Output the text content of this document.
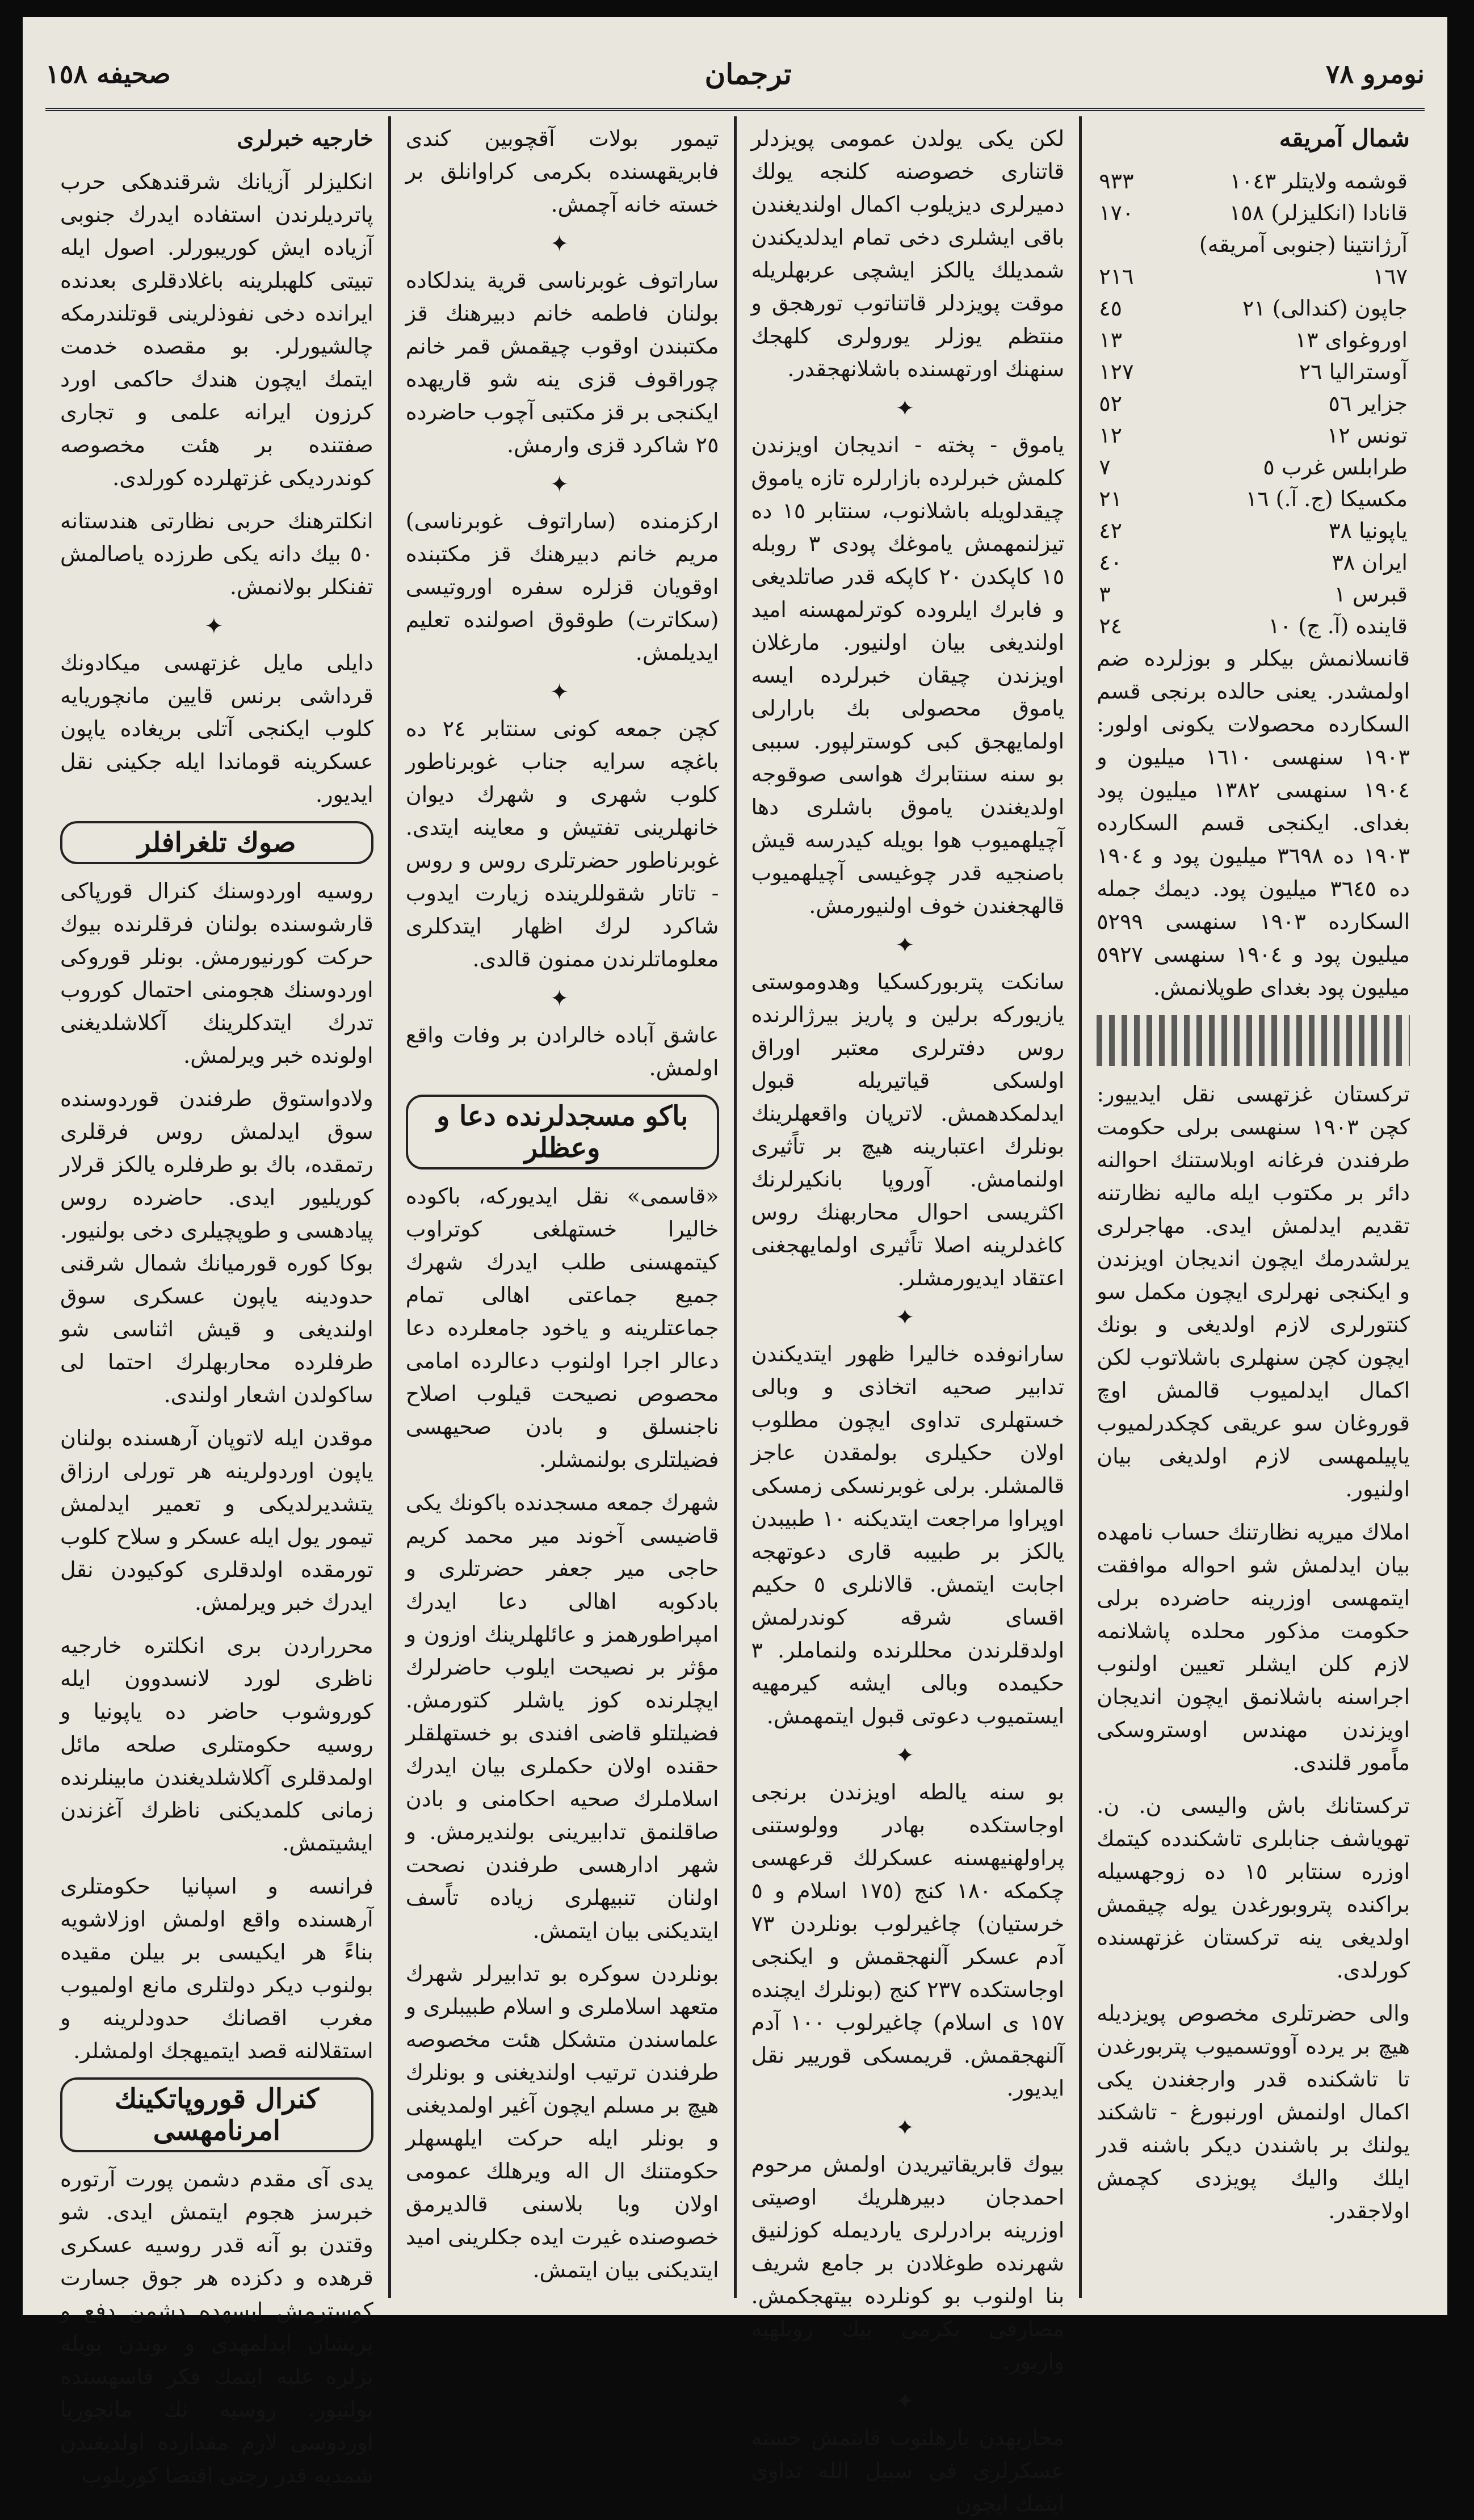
نومرو ٧٨
ترجمان
صحيفه ١٥٨

شمال آمريقه

قوشمه ولايتلر ١٠٤٣	٩٣٣
قانادا (انكليزلر) ١٥٨	١٧٠
آرژانتينا (جنوبى آمريقه)	
١٦٧	٢١٦
جاپون (كندالى) ٢١	٤٥
اوروغواى ١٣	١٣
آوستراليا ٢٦	١٢٧
جزاير ٥٦	٥٢
تونس ١٢	١٢
طرابلس غرب ٥	٧
مكسيكا (ج. آ.) ١٦	٢١
ياپونيا ٣٨	٤٢
ايران ٣٨	٤٠
قبرس ١	٣
قاينده (آ. ج) ١٠	٢٤

قانسلانمش بيكلر و بوزلرده ضم اولمشدر. يعنى حالده برنجى قسم السكارده محصولات يكونى اولور: ١٩٠٣ سنهسى ١٦١٠ ميليون و ١٩٠٤ سنهسى ١٣٨٢ ميليون پود بغداى. ايكنجى قسم السكارده ١٩٠٣ ده ٣٦٩٨ ميليون پود و ١٩٠٤ ده ٣٦٤٥ ميليون پود. ديمك جمله السكارده ١٩٠٣ سنهسى ٥٢٩٩ ميليون پود و ١٩٠٤ سنهسى ٥٩٢٧ ميليون پود بغداى طوپلانمش.

تركستان غزتهسى نقل ايدييور: كچن ١٩٠٣ سنهسى برلى حكومت طرفندن فرغانه اوبلاستنك احوالنه دائر بر مكتوب ايله ماليه نظارتنه تقديم ايدلمش ايدى. مهاجرلرى يرلشدرمك ايچون انديجان اويزندن و ايكنجى نهرلرى ايچون مكمل سو كنتورلرى لازم اولديغى و بونك ايچون كچن سنهلرى باشلاتوب لكن اكمال ايدلميوب قالمش اوچ قوروغان سو عريقى كچكدرلميوب ياپيلمهسى لازم اولديغى بيان اولنيور.

املاك ميريه نظارتنك حساب نامهده بيان ايدلمش شو احواله موافقت ايتمهسى اوزرينه حاضرده برلى حكومت مذكور محلده پاشلانمه لازم كلن ايشلر تعيين اولنوب اجراسنه باشلانمق ايچون انديجان اويزندن مهندس اوستروسكى ماًمور قلندى.

تركستانك باش واليسى ن. ن. تهوياشف جنابلرى تاشكندده كيتمك اوزره سنتابر ١٥ ده زوجهسيله براكنده پتروبورغدن يوله چيقمش اولديغى ينه تركستان غزتهسنده كورلدى.

والى حضرتلرى مخصوص پويزديله هيچ بر يرده آووتسميوب پتربورغدن تا تاشكنده قدر وارجغندن يكى اكمال اولنمش اورنبورغ - تاشكند يولنك بر باشندن ديكر باشنه قدر ايلك واليك پويزدى كچمش اولاجقدر.

لكن يكى يولدن عمومى پويزدلر قاتنارى خصوصنه كلنجه يولك دميرلرى ديزيلوب اكمال اولنديغندن باقى ايشلرى دخى تمام ايدلديكندن شمديلك يالكز ايشچى عربهلريله موقت پويزدلر قاتناتوب تورهجق و منتظم يوزلر يورولرى كلهجك سنهنك اورتهسنده باشلانهجقدر.

✦

ياموق - پخته - انديجان اويزندن كلمش خبرلرده بازارلره تازه ياموق چيقدلويله باشلانوب، سنتابر ١٥ ده تيزلنمهمش ياموغك پودى ٣ روبله ١٥ كاپكدن ٢٠ كاپكه قدر صاتلديغى و فابرك ايلروده كوترلمهسنه اميد اولنديغى بيان اولنيور. مارغلان اويزندن چيقان خبرلرده ايسه ياموق محصولى بك بارارلى اولمايهجق كبى كوسترلپور. سببى بو سنه سنتابرك هواسى صوقوجه اولديغندن ياموق باشلرى دها آچيلهميوب هوا بويله كيدرسه قيش باصنجيه قدر چوغيسى آچيلهميوب قالهجغندن خوف اولنيورمش.

✦

سانكت پتربوركسكيا وهدوموستى يازيوركه برلين و پاريز بيرژالرنده روس دفترلرى معتبر اوراق اولسكى قياتيريله قبول ايدلمكدهمش. لاترپان واقعهلرينك بونلرك اعتبارينه هيچ بر تاًثيرى اولنمامش. آوروپا بانكيرلرنك اكثريسى احوال محاربهنك روس كاغدلرينه اصلا تاًثيرى اولمايهجغنى اعتقاد ايديورمشلر.

✦

سارانوفده خاليرا ظهور ايتديكندن تدابير صحيه اتخاذى و وبالى خستهلرى تداوى ايچون مطلوب اولان حكيلرى بولمقدن عاجز قالمشلر. برلى غوبرنسكى زمسكى اوپراوا مراجعت ايتديكنه ١٠ طبيبدن يالكز بر طبيبه قارى دعوتهجه اجابت ايتمش. قالانلرى ٥ حكيم اقساى شرقه كوندرلمش اولدقلرندن محللرنده ولنماملر. ٣ حكيمده وبالى ايشه كيرمهيه ايستميوب دعوتى قبول ايتمهمش.

✦

بو سنه يالطه اويزندن برنجى اوجاستكده بهادر وولوستنى پراولهنيهسنه عسكرلك قرعهسى چكمكه ١٨٠ كنج (١٧٥ اسلام و ٥ خرستيان) چاغيرلوب بونلردن ٧٣ آدم عسكر آلنهجقمش و ايكنجى اوجاستكده ٢٣٧ كنج (بونلرك ايچنده ١٥٧ ى اسلام) چاغيرلوب ١٠٠ آدم آلنهجقمش. قريمسكى قوريير نقل ايديور.

✦

بيوك قابريقاتيريدن اولمش مرحوم احمدجان دبيرهلريك اوصيتى اوزرينه برادرلرى يارديمله كوزلنيق شهرنده طوغلادن بر جامع شريف بنا اولنوب بو كونلرده بيتهجكمش. مصارفى بكرمى بيك روبلهيه واريور.

✦

محاربهدن يارهلنوب قايتمش خسته عسكرلرى فى سبيل الله تداوى ايتمك ايچون

تيمور بولات آقچوبين كندى فابريقهسنده بكرمى كراوانلق بر خسته خانه آچمش.

✦

ساراتوف غوبرناسى قرية يندلكاده بولنان فاطمه خانم دبيرهنك قز مكتبندن اوقوب چيقمش قمر خانم چوراقوف قزى ينه شو قاريهده ايكنجى بر قز مكتبى آچوب حاضرده ٢٥ شاكرد قزى وارمش.

✦

اركزمنده (ساراتوف غوبرناسى) مريم خانم دبيرهنك قز مكتبنده اوقويان قزلره سفره اوروتيسى (سكاترت) طوقوق اصولنده تعليم ايديلمش.

✦

كچن جمعه كونى سنتابر ٢٤ ده باغچه سرايه جناب غوبرناطور كلوب شهرى و شهرك ديوان خانهلرينى تفتيش و معاينه ايتدى. غوبرناطور حضرتلرى روس و روس - تاتار شقوللرينده زيارت ايدوب شاكرد لرك اظهار ايتدكلرى معلوماتلرندن ممنون قالدى.

✦

عاشق آباده خالرادن بر وفات واقع اولمش.

باكو مسجدلرنده دعا و وعظلر

«قاسمى» نقل ايديوركه، باكوده خاليرا خستهلغى كوتراوب كيتمهسنى طلب ايدرك شهرك جميع جماعتى اهالى تمام جماعتلرينه و ياخود جامعلرده دعا دعالر اجرا اولنوب دعالرده امامى محصوص نصيحت قيلوب اصلاح ناجنسلق و بادن صحيهسى فضيلتلرى بولنمشلر.

شهرك جمعه مسجدنده باكونك يكى قاضيسى آخوند مير محمد كريم حاجى مير جعفر حضرتلرى و بادكوبه اهالى دعا ايدرك امپراطورهمز و عائلهلرينك اوزون و مؤثر بر نصيحت ايلوب حاضرلرك ايچلرنده كوز ياشلر كتورمش. فضيلتلو قاضى افندى بو خستهلقلر حقنده اولان حكملرى بيان ايدرك اسلاملرك صحيه احكامنى و بادن صاقلنمق تدابيرينى بولنديرمش. و شهر ادارهسى طرفندن نصحت اولنان تنبيهلرى زياده تاًسف ايتديكنى بيان ايتمش.

بونلردن سوكره بو تدابيرلر شهرك متعهد اسلاملرى و اسلام طبيبلرى و علماسندن متشكل هئت مخصوصه طرفندن ترتيب اولنديغنى و بونلرك هيچ بر مسلم ايچون آغير اولمديغنى و بونلر ايله حركت ايلهسهلر حكومتنك ال اله ويرهلك عمومى اولان وبا بلاسنى قالديرمق خصوصنده غيرت ايده جكلرينى اميد ايتديكنى بيان ايتمش.

خارجيه خبرلرى

انكليزلر آزيانك شرقندهكى حرب پاترديلرندن استفاده ايدرك جنوبى آزياده ايش كوريبورلر. اصول ايله تبيتى كلهبلرينه باغلادقلرى بعدنده ايرانده دخى نفوذلرينى قوتلندرمكه چالشيورلر. بو مقصده خدمت ايتمك ايچون هندك حاكمى اورد كرزون ايرانه علمى و تجارى صفتنده بر هئت مخصوصه كوندرديكى غزتهلرده كورلدى.

انكلترهنك حربى نظارتى هندستانه ٥٠ بيك دانه يكى طرزده ياصالمش تفنكلر بولانمش.

✦

دايلى مايل غزتهسى ميكادونك قرداشى برنس قايين مانچوريايه كلوب ايكنجى آتلى بريغاده ياپون عسكرينه قوماندا ايله جكينى نقل ايديور.

صوك تلغرافلر

روسيه اوردوسنك كنرال قورپاكى قارشوسنده بولنان فرقلرنده بيوك حركت كورنيورمش. بونلر قوروكى اوردوسنك هجومنى احتمال كوروب تدرك ايتدكلرينك آكلاشلديغنى اولونده خبر ويرلمش.

ولادواستوق طرفندن قوردوسنده سوق ايدلمش روس فرقلرى رتمقده، باك بو طرفلره يالكز قرلار كوريليور ايدى. حاضرده روس پيادهسى و طوپچيلرى دخى بولنيور. بوكا كوره قورميانك شمال شرقنى حدودينه ياپون عسكرى سوق اولنديغى و قيش اثناسى شو طرفلرده محاربهلرك احتما لى ساكولدن اشعار اولندى.

موقدن ايله لاتوپان آرهسنده بولنان ياپون اوردولرينه هر تورلى ارزاق يتشديرلديكى و تعمير ايدلمش تيمور يول ايله عسكر و سلاح كلوب تورمقده اولدقلرى كوكيودن نقل ايدرك خبر ويرلمش.

محرراردن برى انكلتره خارجيه ناظرى لورد لانسدوون ايله كوروشوب حاضر ده ياپونيا و روسيه حكومتلرى صلحه مائل اولمدقلرى آكلاشلديغندن مابينلرنده زمانى كلمديكنى ناظرك آغزندن ايشيتمش.

فرانسه و اسپانيا حكومتلرى آرهسنده واقع اولمش اوزلاشويه بناءً هر ايكيسى بر بيلن مقيده بولنوب ديكر دولتلرى مانع اولميوب مغرب اقصانك حدودلرينه و استقلالنه قصد ايتميهجك اولمشلر.

كنرال قوروپاتكينك امرنامهسى

يدى آى مقدم دشمن پورت آرتوره خبرسز هجوم ايتمش ايدى. شو وقتدن بو آنه قدر روسيه عسكرى قرهده و دكزده هر جوق جسارت كوسترمش ايسهده دشمن دفع و پريشان ايدلمهدى و بوندن بويله بزلره غلبه ايتمك فكر قاسهسنده بولنيور. روسيه نك مانچوريا اوردوسى لازم مقدارده اولديغندن شمديه قدر رچتى اقتضا كوريلوب
